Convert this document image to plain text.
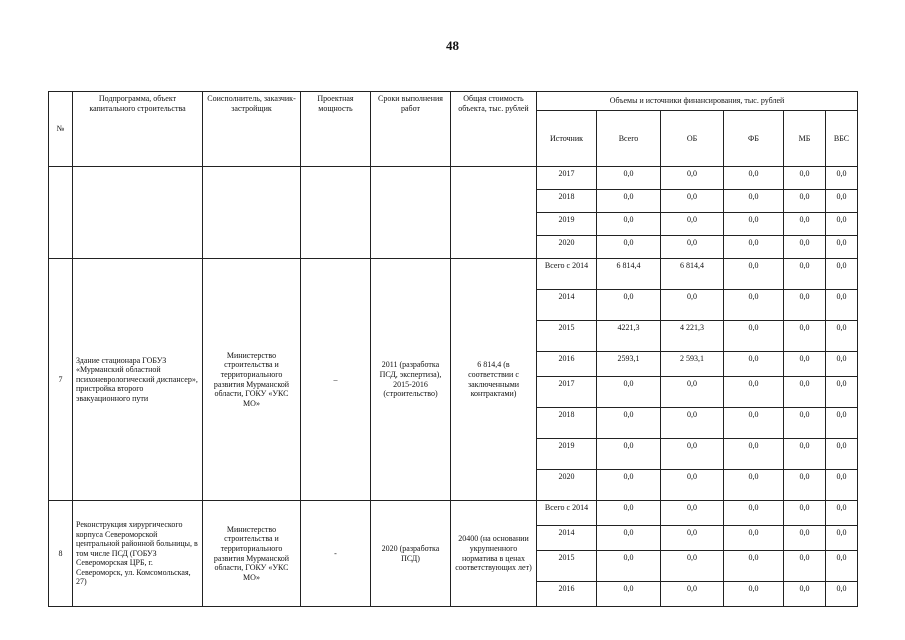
48
№	Подпрограмма, объект капитального строительства	Соисполнитель, заказчик-застройщик	Проектная мощность	Сроки выполнения работ	Общая стоимость объекта, тыс. рублей	Объемы и источники финансирования, тыс. рублей					
						Источник	Всего	ОБ	ФБ	МБ	ВБС
						2017	0,0	0,0	0,0	0,0	0,0
						2018	0,0	0,0	0,0	0,0	0,0
						2019	0,0	0,0	0,0	0,0	0,0
						2020	0,0	0,0	0,0	0,0	0,0
7	Здание стационара ГОБУЗ «Мурманский областной психоневрологический диспансер», пристройка второго эвакуационного пути	Министерство строительства и территориального развития Мурманской области, ГОКУ «УКС МО»	–	2011 (разработка ПСД, экспертиза), 2015-2016 (строительство)	6 814,4 (в соответствии с заключенными контрактами)	Всего с 2014	6 814,4	6 814,4	0,0	0,0	0,0
						2014	0,0	0,0	0,0	0,0	0,0
						2015	4221,3	4 221,3	0,0	0,0	0,0
						2016	2593,1	2 593,1	0,0	0,0	0,0
						2017	0,0	0,0	0,0	0,0	0,0
						2018	0,0	0,0	0,0	0,0	0,0
						2019	0,0	0,0	0,0	0,0	0,0
						2020	0,0	0,0	0,0	0,0	0,0
8	Реконструкция хирургического корпуса Североморской центральной районной больницы, в том числе ПСД (ГОБУЗ Североморская ЦРБ, г. Североморск, ул. Комсомольская, 27)	Министерство строительства и территориального развития Мурманской области, ГОКУ «УКС МО»	-	2020 (разработка ПСД)	20400 (на основании укрупненного норматива в ценах соответствующих лет)	Всего с 2014	0,0	0,0	0,0	0,0	0,0
						2014	0,0	0,0	0,0	0,0	0,0
						2015	0,0	0,0	0,0	0,0	0,0
						2016	0,0	0,0	0,0	0,0	0,0
